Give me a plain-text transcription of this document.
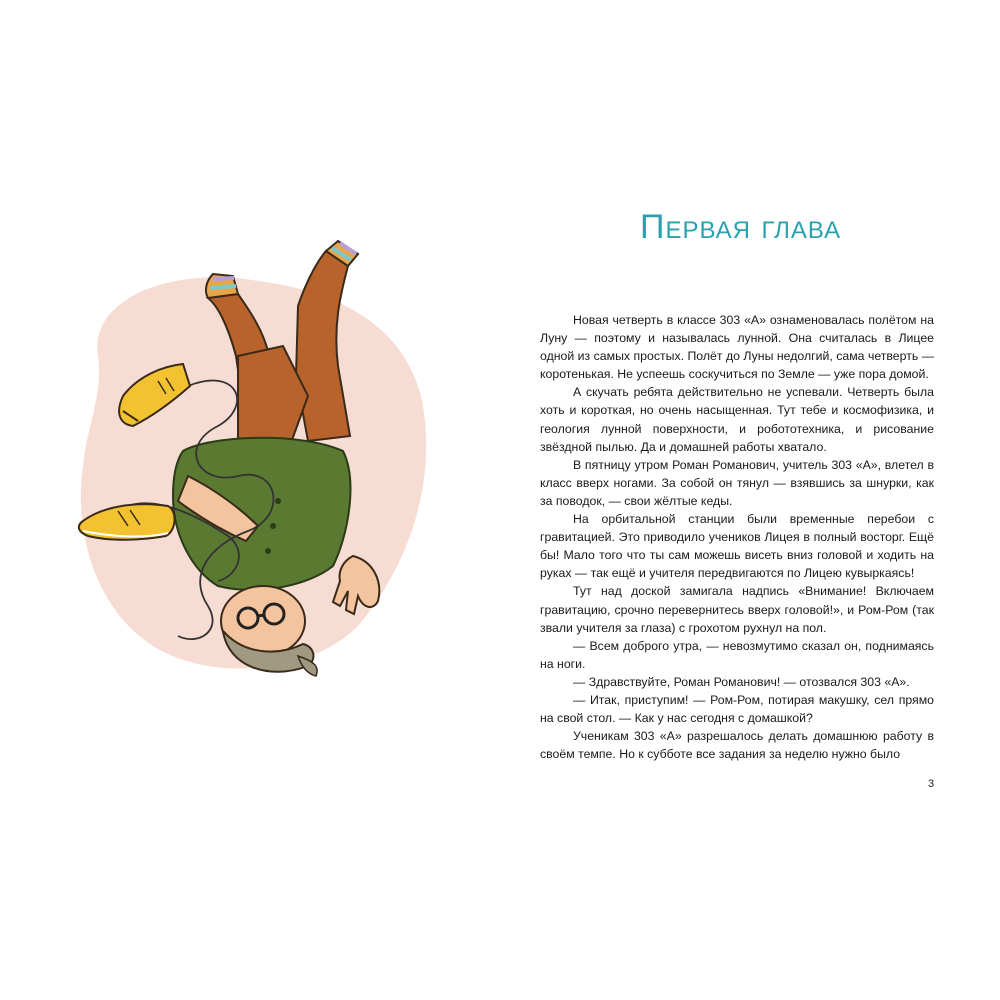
Первая глава

Новая четверть в классе 303 «А» ознаменовалась полётом на Луну — поэтому и называлась лунной. Она считалась в Лицее одной из самых простых. Полёт до Луны недолгий, сама четверть — коротенькая. Не успеешь соскучиться по Земле — уже пора домой.

А скучать ребята действительно не успевали. Четверть была хоть и короткая, но очень насыщенная. Тут тебе и космофизика, и геология лунной поверхности, и робототехника, и рисование звёздной пылью. Да и домашней работы хватало.

В пятницу утром Роман Романович, учитель 303 «А», влетел в класс вверх ногами. За собой он тянул — взявшись за шнурки, как за поводок, — свои жёлтые кеды.

На орбитальной станции были временные перебои с гравитацией. Это приводило учеников Лицея в полный восторг. Ещё бы! Мало того что ты сам можешь висеть вниз головой и ходить на руках — так ещё и учителя передвигаются по Лицею кувыркаясь!

Тут над доской замигала надпись «Внимание! Включаем гравитацию, срочно перевернитесь вверх головой!», и Ром-Ром (так звали учителя за глаза) с грохотом рухнул на пол.

— Всем доброго утра, — невозмутимо сказал он, поднимаясь на ноги.

— Здравствуйте, Роман Романович! — отозвался 303 «А».

— Итак, приступим! — Ром-Ром, потирая макушку, сел прямо на свой стол. — Как у нас сегодня с домашкой?

Ученикам 303 «А» разрешалось делать домашнюю работу в своём темпе. Но к субботе все задания за неделю нужно было

3
